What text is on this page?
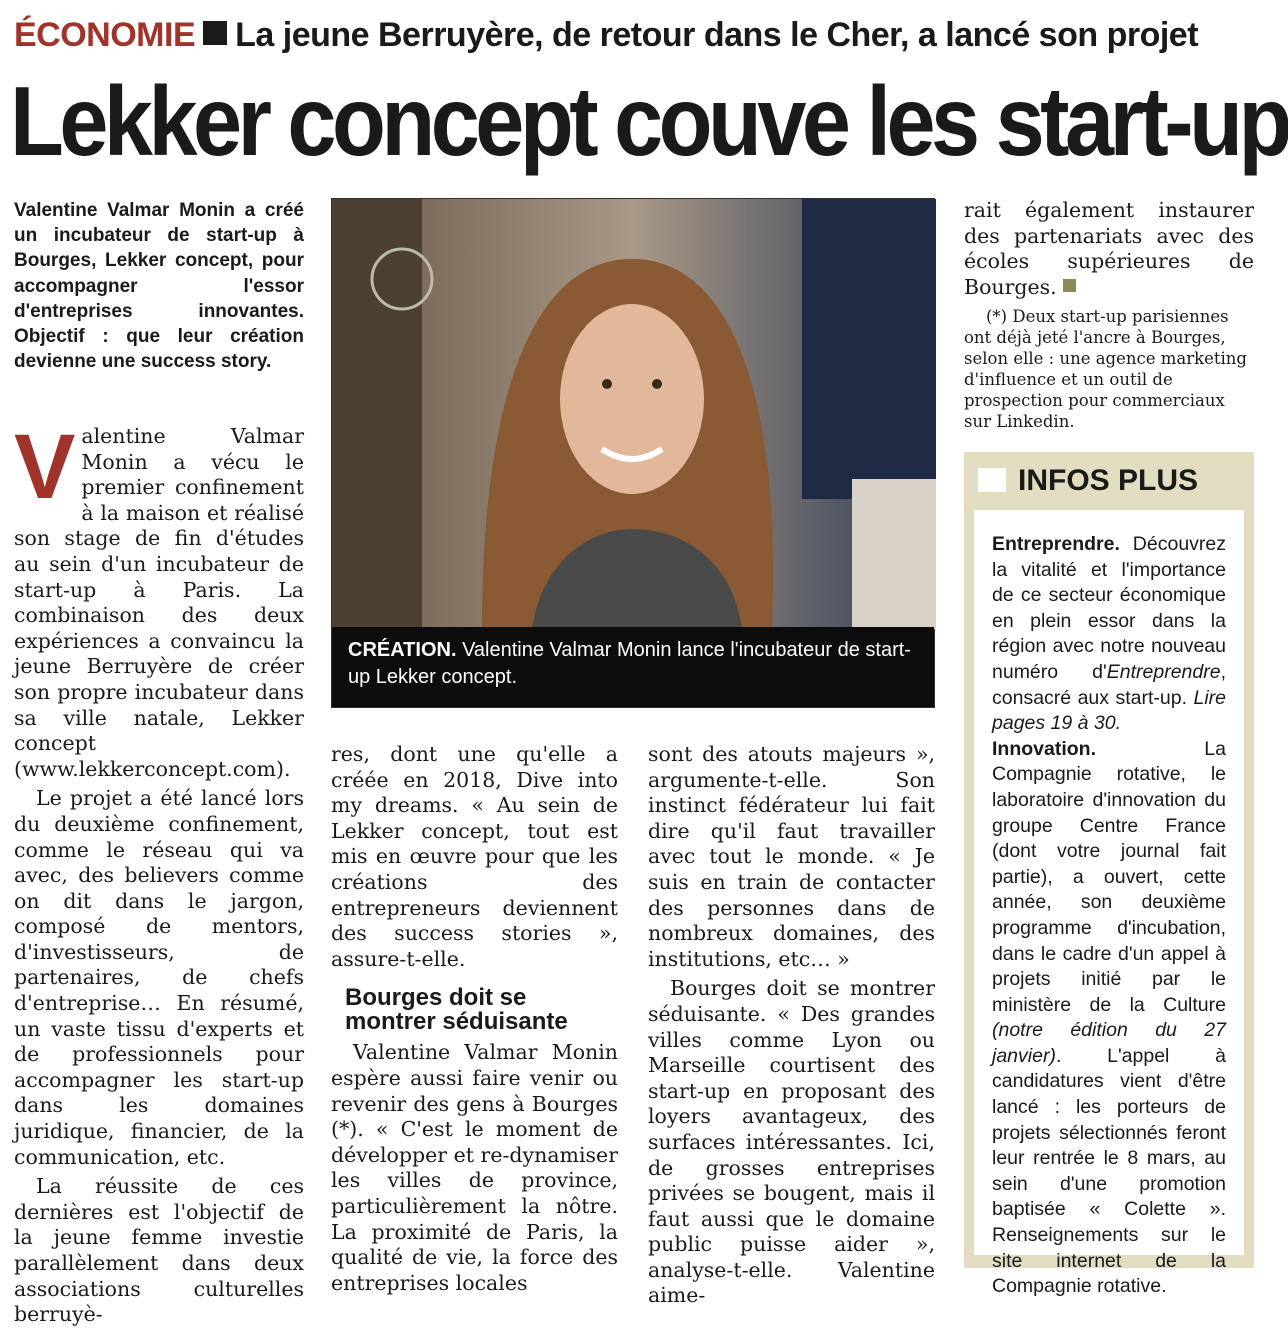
ÉCONOMIE La jeune Berruyère, de retour dans le Cher, a lancé son projet
Lekker concept couve les start-up
Valentine Valmar Monin a créé un incubateur de start-up à Bourges, Lekker concept, pour accompagner l'essor d'entreprises innovantes. Objectif : que leur création devienne une success story.

Valentine Valmar Monin a vécu le premier confinement à la maison et réalisé son stage de fin d'études au sein d'un incubateur de start-up à Paris. La combinaison des deux expériences a convaincu la jeune Berruyère de créer son propre incubateur dans sa ville natale, Lekker concept (www.lekkerconcept.com).

Le projet a été lancé lors du deuxième confinement, comme le réseau qui va avec, des believers comme on dit dans le jargon, composé de mentors, d'investisseurs, de partenaires, de chefs d'entreprise… En résumé, un vaste tissu d'experts et de professionnels pour accompagner les start-up dans les domaines juridique, financier, de la communication, etc.

La réussite de ces dernières est l'objectif de la jeune femme investie parallèlement dans deux associations culturelles berruyè-

CRÉATION. Valentine Valmar Monin lance l'incubateur de start-up Lekker concept.

res, dont une qu'elle a créée en 2018, Dive into my dreams. « Au sein de Lekker concept, tout est mis en œuvre pour que les créations des entrepreneurs deviennent des success stories », assure-t-elle.

Bourges doit se montrer séduisante

Valentine Valmar Monin espère aussi faire venir ou revenir des gens à Bourges (*). « C'est le moment de développer et re-dynamiser les villes de province, particulièrement la nôtre. La proximité de Paris, la qualité de vie, la force des entreprises locales

sont des atouts majeurs », argumente-t-elle. Son instinct fédérateur lui fait dire qu'il faut travailler avec tout le monde. « Je suis en train de contacter des personnes dans de nombreux domaines, des institutions, etc… »

Bourges doit se montrer séduisante. « Des grandes villes comme Lyon ou Marseille courtisent des start-up en proposant des loyers avantageux, des surfaces intéressantes. Ici, de grosses entreprises privées se bougent, mais il faut aussi que le domaine public puisse aider », analyse-t-elle. Valentine aime-

rait également instaurer des partenariats avec des écoles supérieures de Bourges.

(*) Deux start-up parisiennes ont déjà jeté l'ancre à Bourges, selon elle : une agence marketing d'influence et un outil de prospection pour commerciaux sur Linkedin.

INFOS PLUS

Entreprendre. Découvrez la vitalité et l'importance de ce secteur économique en plein essor dans la région avec notre nouveau numéro d'Entreprendre, consacré aux start-up. Lire pages 19 à 30.

Innovation. La Compagnie rotative, le laboratoire d'innovation du groupe Centre France (dont votre journal fait partie), a ouvert, cette année, son deuxième programme d'incubation, dans le cadre d'un appel à projets initié par le ministère de la Culture (notre édition du 27 janvier). L'appel à candidatures vient d'être lancé : les porteurs de projets sélectionnés feront leur rentrée le 8 mars, au sein d'une promotion baptisée « Colette ». Renseignements sur le site internet de la Compagnie rotative.
